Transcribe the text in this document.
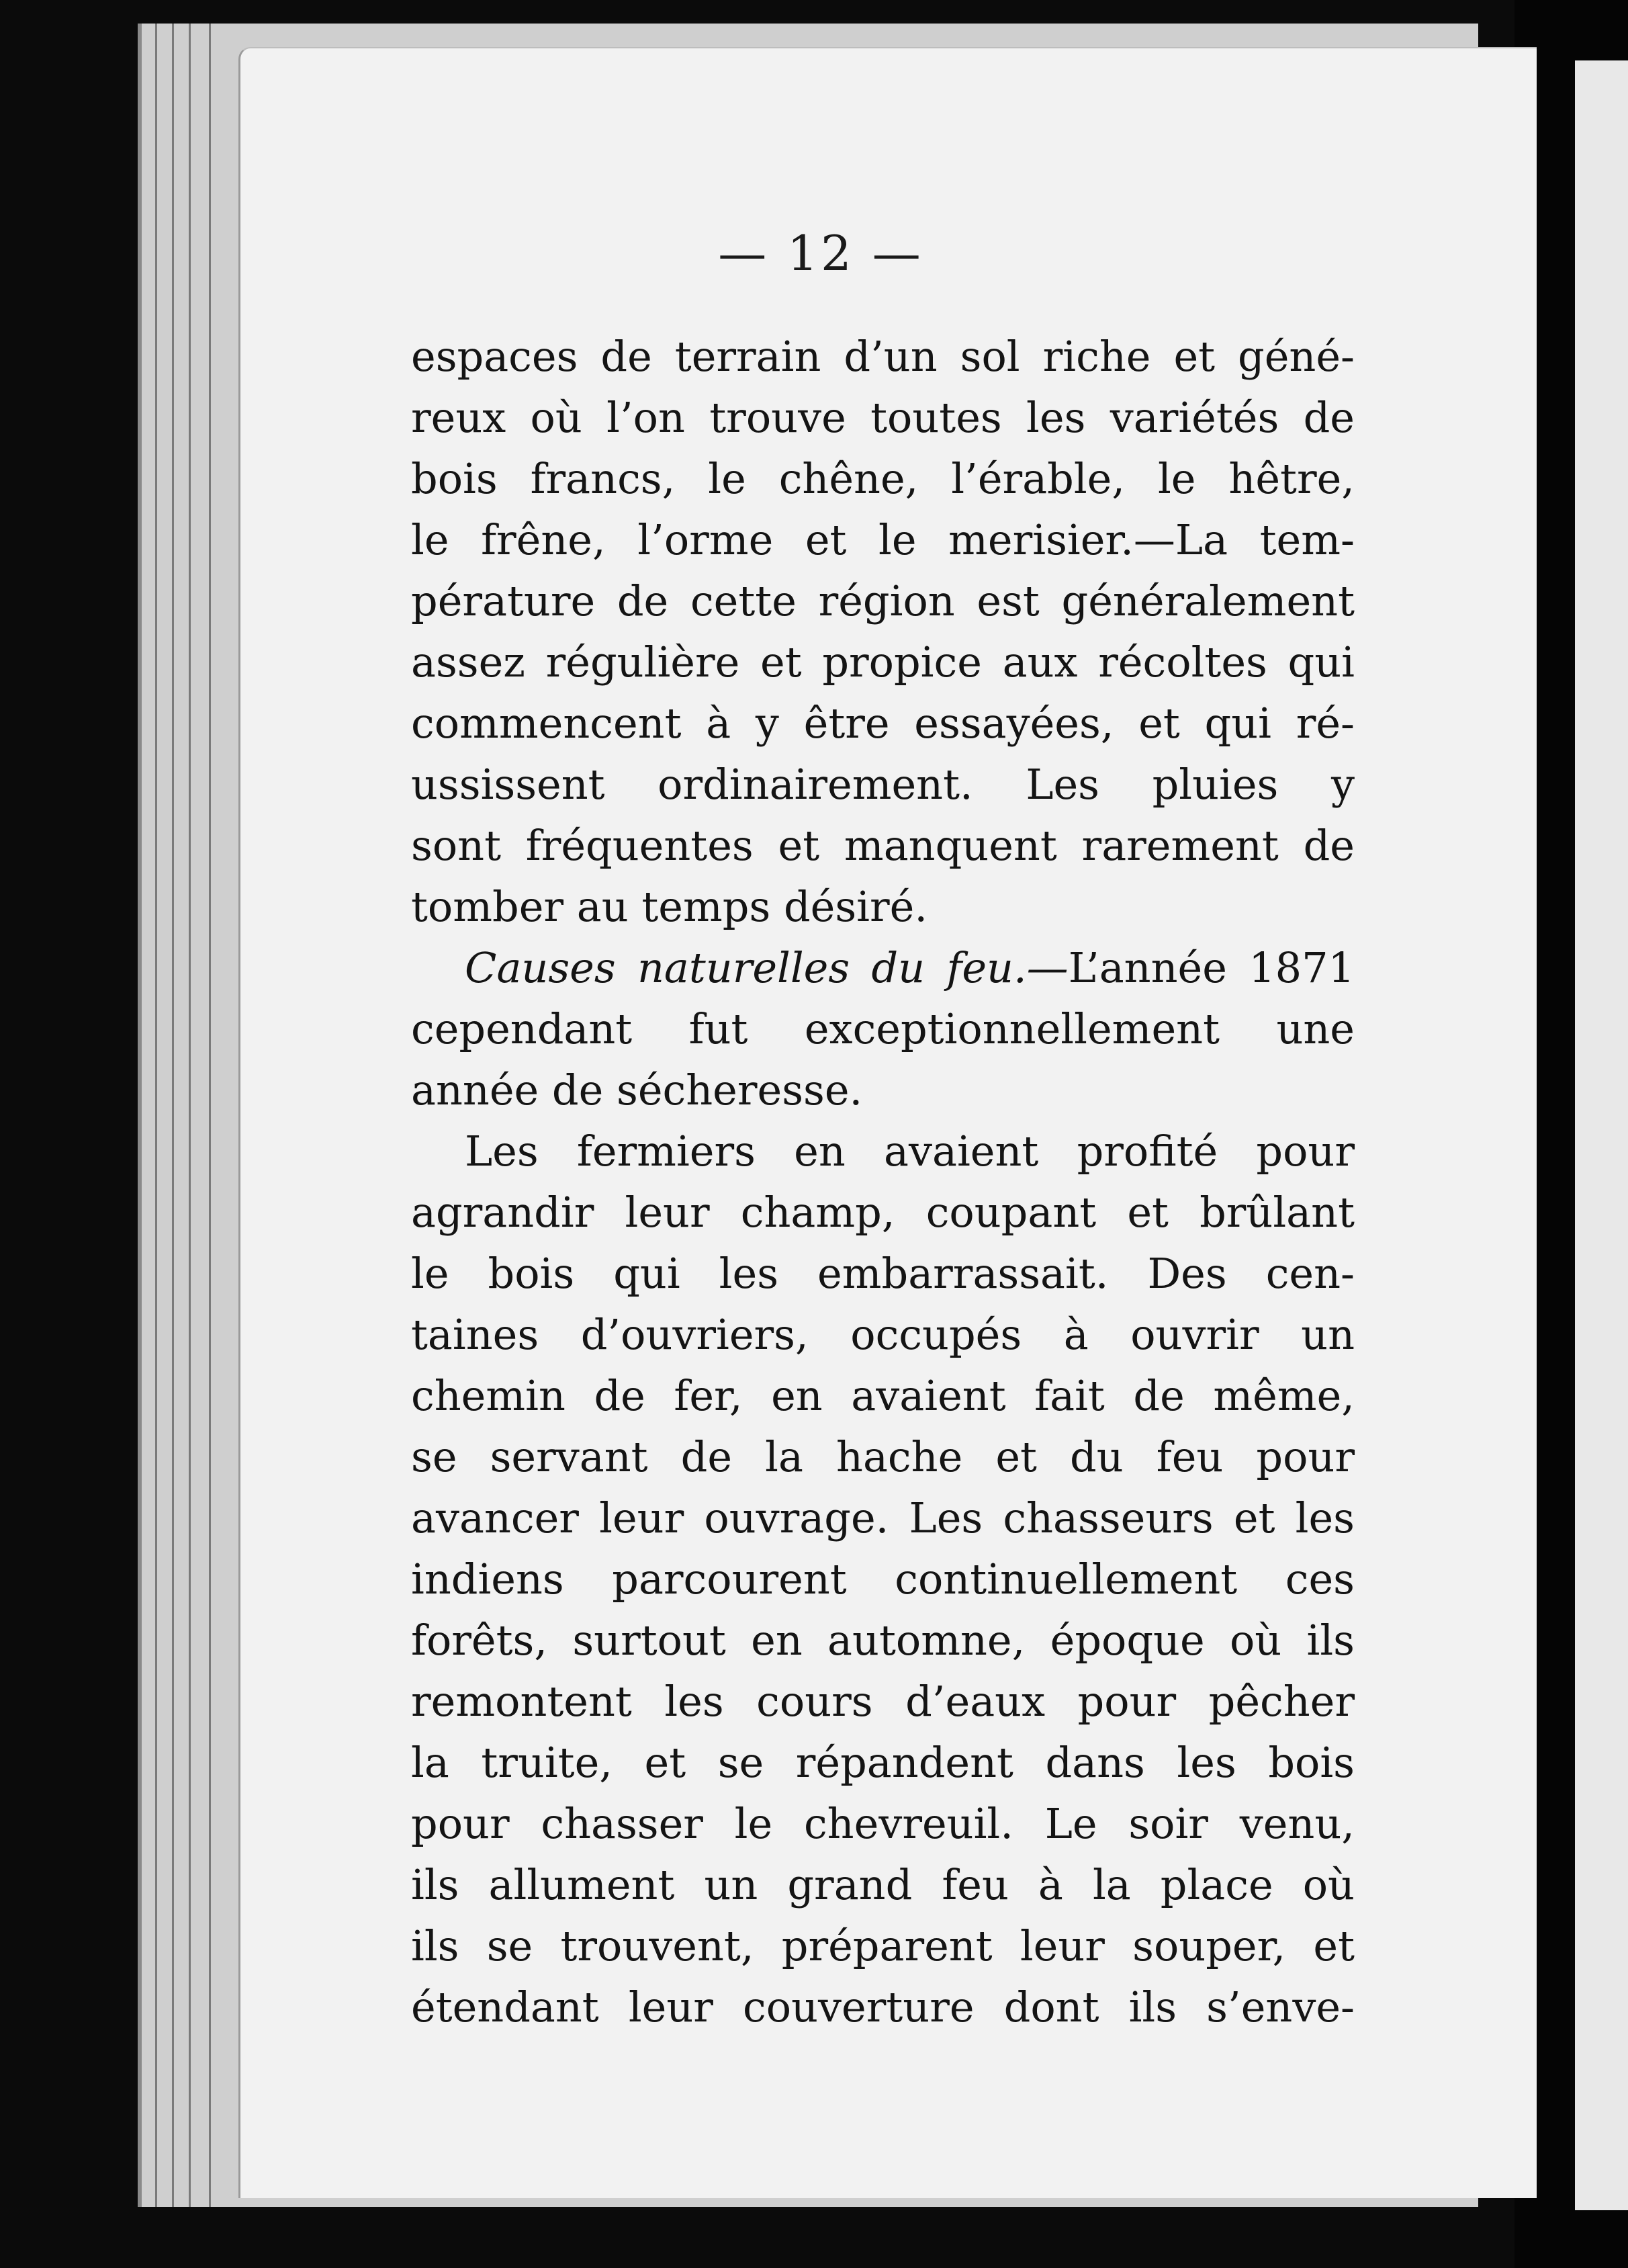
— 12 —
espaces de terrain d’un sol riche et géné-
reux où l’on trouve toutes les variétés de
bois francs, le chêne, l’érable, le hêtre,
le frêne, l’orme et le merisier.—La tem-
pérature de cette région est généralement
assez régulière et propice aux récoltes qui
commencent à y être essayées, et qui ré-
ussissent ordinairement. Les pluies y
sont fréquentes et manquent rarement de
tomber au temps désiré.
Causes naturelles du feu.—L’année 1871
cependant fut exceptionnellement une
année de sécheresse.
Les fermiers en avaient profité pour
agrandir leur champ, coupant et brûlant
le bois qui les embarrassait. Des cen-
taines d’ouvriers, occupés à ouvrir un
chemin de fer, en avaient fait de même,
se servant de la hache et du feu pour
avancer leur ouvrage. Les chasseurs et les
indiens parcourent continuellement ces
forêts, surtout en automne, époque où ils
remontent les cours d’eaux pour pêcher
la truite, et se répandent dans les bois
pour chasser le chevreuil. Le soir venu,
ils allument un grand feu à la place où
ils se trouvent, préparent leur souper, et
étendant leur couverture dont ils s’enve-
